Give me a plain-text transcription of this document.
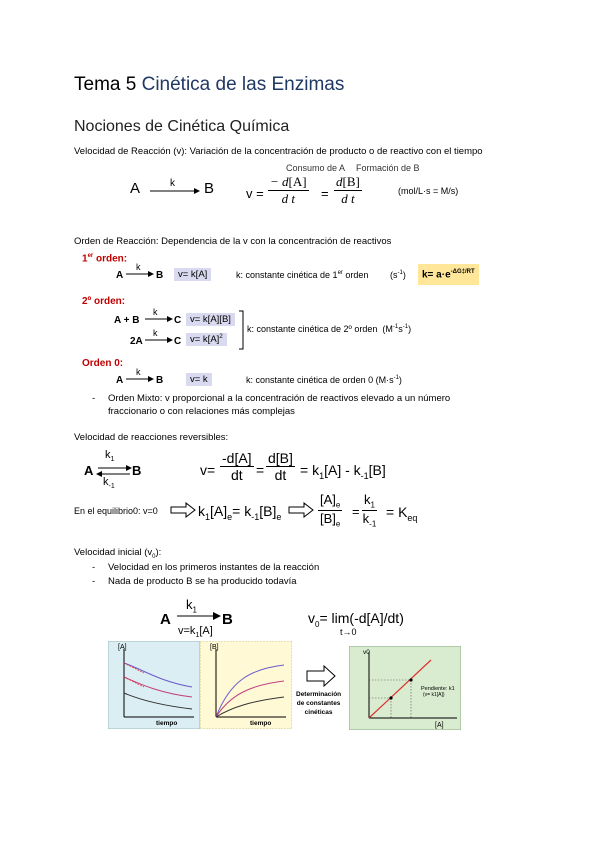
Tema 5 Cinética de las Enzimas
Nociones de Cinética Química
Velocidad de Reacción (v): Variación de la concentración de producto o de reactivo con el tiempo
A	k B
Consumo de A Formación de B
$v = \frac{- d[A]}{\text{d t}} = \frac{d[B]}{\text{d t}}$	(mol/L·s = M/s)
Orden de Reacción: Dependencia de la v con la concentración de reactivos
1er orden:
A
k
B	v= k[A]	k: constante cinética de 1er orden $(s^{-1})$	$k= a\cdot e^{-\Delta G\ddagger/RT}$
2º orden:
A + B
k
C v= k[A][B]
2A
k
C $v= k[A]^2$
k: constante cinética de 2º orden  $(M^{-1}s^{-1})$
Orden 0:
A
k
B	v= k	k: constante cinética de orden 0 $(M\cdot s^{-1})$
- Orden Mixto: v proporcional a la concentración de reactivos elevado a un número
fraccionario o con relaciones más complejas
Velocidad de reacciones reversibles:
A ⇌
$k_1$
$k_{-1}$
B	$v= \frac{-d[A]}{dt} = \frac{d[B]}{dt} = k_1[A] - k_{-1}[B]$
En el equilibrio0: v=0	$k_1[A]_e= k_{-1}[B]_e$	$\frac{[A]_e}{[B]_e} = \frac{k_1}{k_{-1}} = K_{eq}$
Velocidad inicial $(v_0)$:
- Velocidad en los primeros instantes de la reacción
- Nada de producto B se ha producido todavía
A
$k_1$
B
$v=k_1[A]$
$v_0= \lim(-d[A]/dt)$
t→0
[A]
tiempo
[B]
tiempo
Determinación
de constantes
cinéticas
v0
[A]
Pendiente: k1
(v= k1[A])
